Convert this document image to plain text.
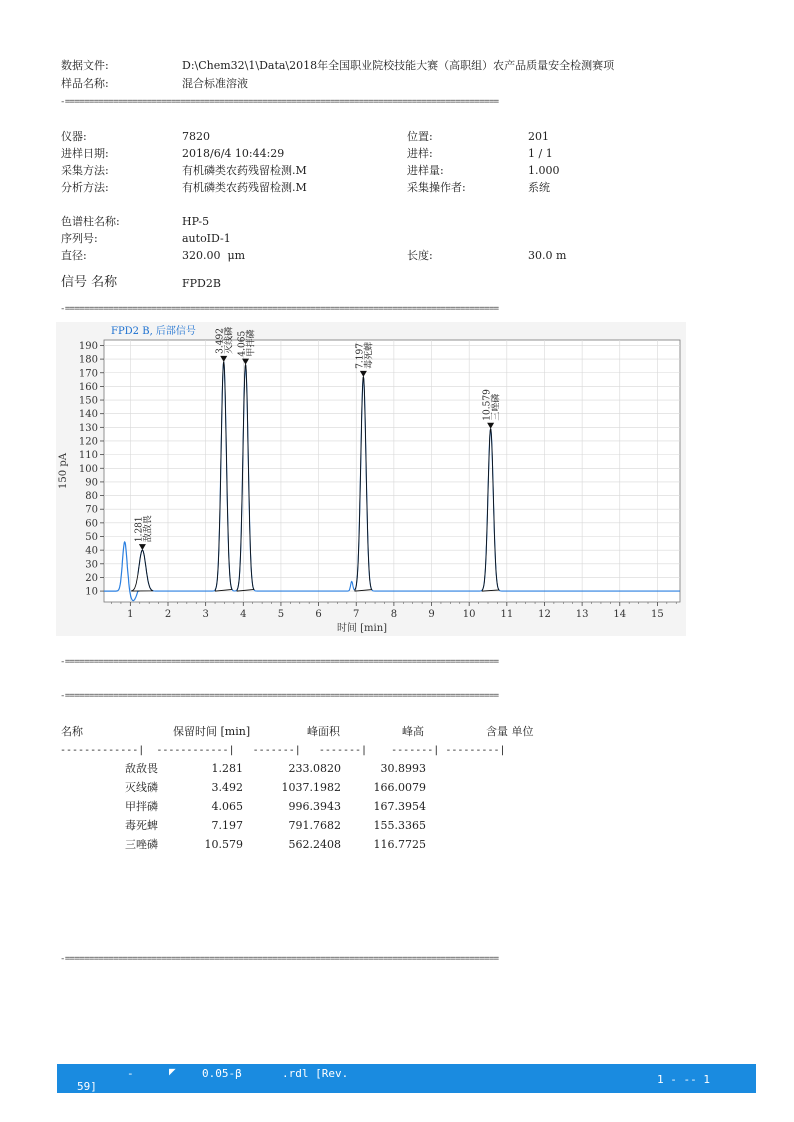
数据文件:	D:\Chem32\1\Data\2018年全国职业院校技能大赛（高职组）农产品质量安全检测赛项
样品名称:	混合标准溶液
-==========================================================================================
仪器:	7820	位置:	201
进样日期:	2018/6/4 10:44:29	进样:	1 / 1
采集方法:	有机磷类农药残留检测.M	进样量:	1.000
分析方法:	有机磷类农药残留检测.M	采集操作者:	系统
色谱柱名称:	HP-5
序列号:	autoID-1
直径:	320.00  μm	长度:	30.0 m
信号 名称	FPD2B
-==========================================================================================
1	2	3	4	5	6	7	8	9	10 11 12 13 14 15
10
20
30
40
50
60
70
80
90
100
110
120
130
140
150
160
170
180
190
时间 [min]
150 pA
FPD2 B, 后部信号
1.281 敌敌畏
3.492 灭线磷 4.065 甲拌磷	7.197 毒死蜱
10.579 三唑磷
-==========================================================================================
-==========================================================================================
名称	保留时间 [min]	峰面积	峰高	含量 单位
-------------|  ------------|   -------|   -------|    -------| ---------|
敌敌畏	1.281	233.0820	30.8993
灭线磷	3.492	1037.1982	166.0079
甲拌磷	4.065	996.3943	167.3954
毒死蜱	7.197	791.7682	155.3365
三唑磷	10.579	562.2408	116.7725
-==========================================================================================
-	◤ 0.05-β	.rdl [Rev.
59]
1 - -- 1
